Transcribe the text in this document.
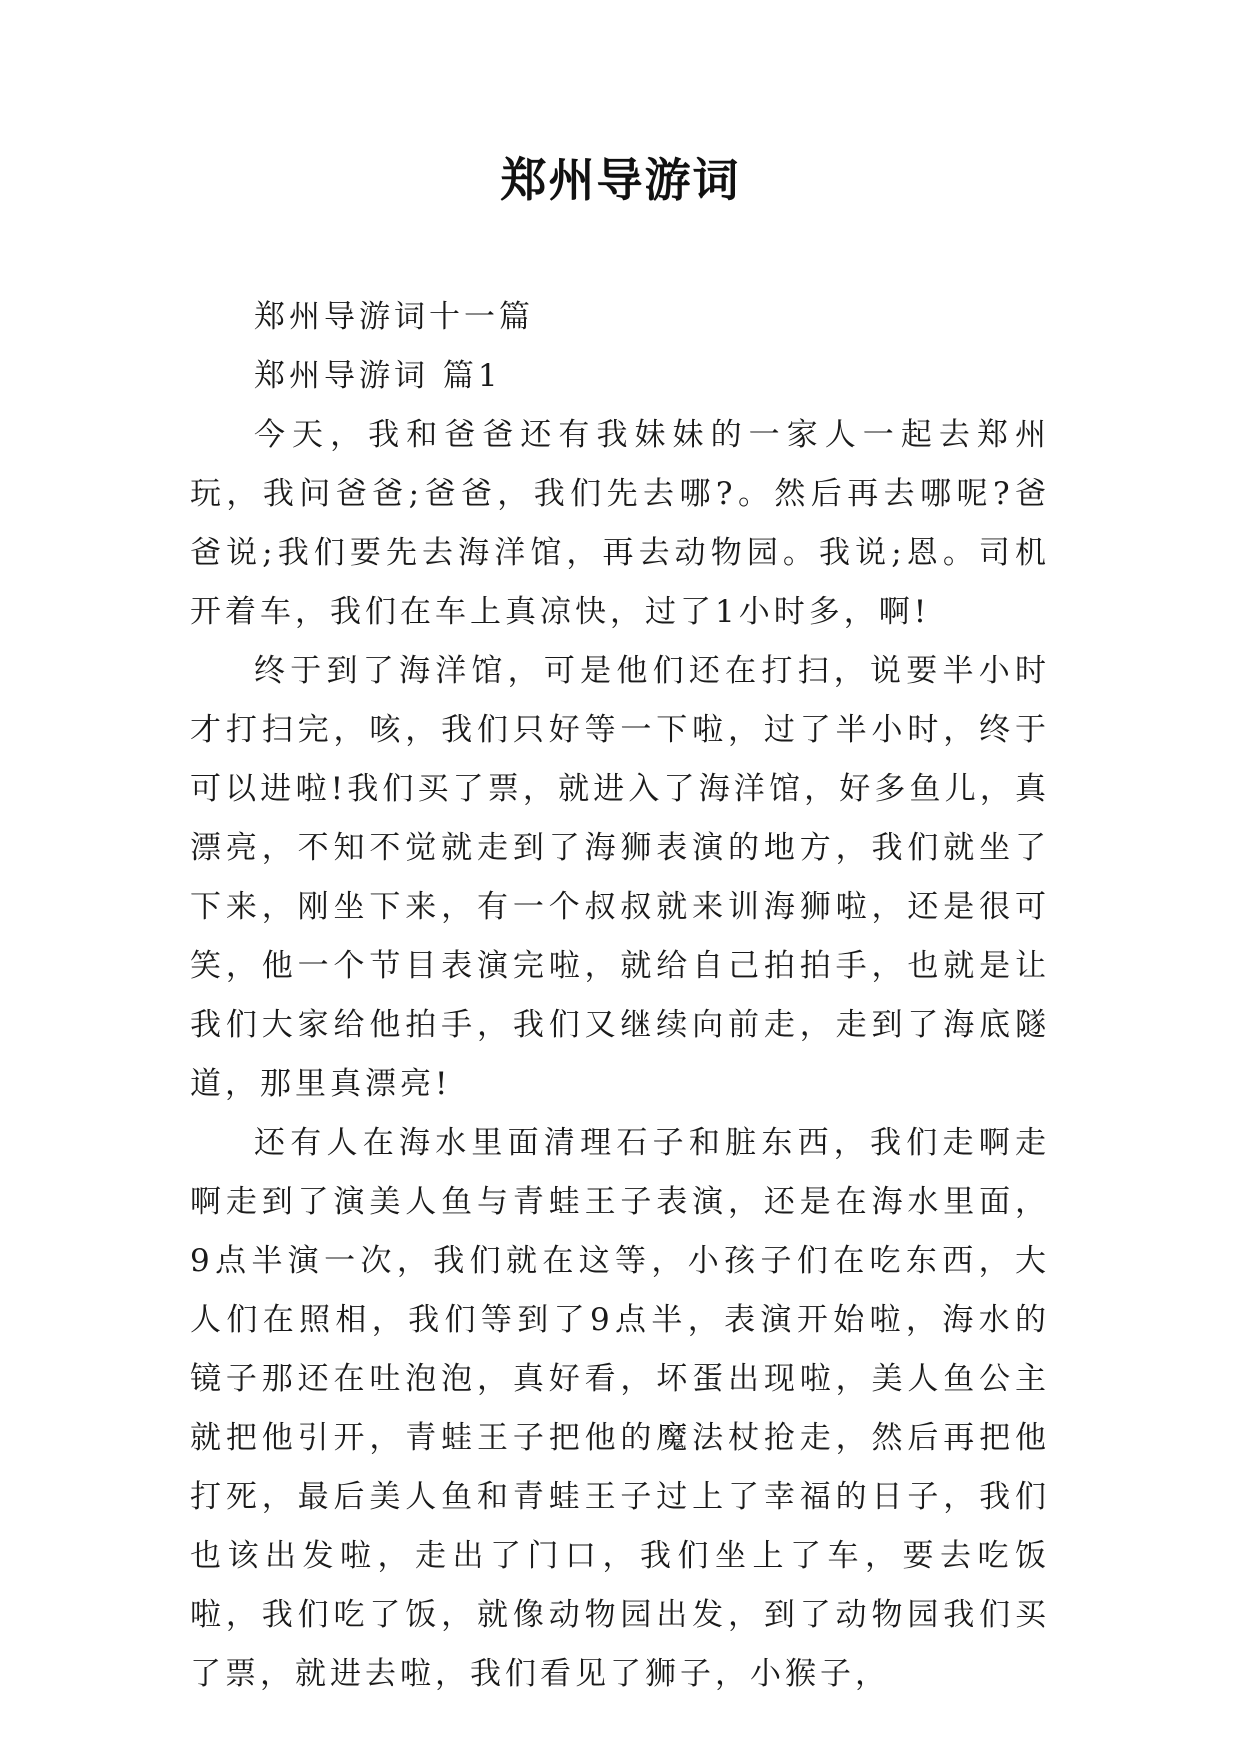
郑州导游词

郑州导游词十一篇

郑州导游词 篇1

今天，我和爸爸还有我妹妹的一家人一起去郑州玩，我问爸爸;爸爸，我们先去哪?。然后再去哪呢?爸爸说;我们要先去海洋馆，再去动物园。我说;恩。司机开着车，我们在车上真凉快，过了1小时多，啊!

终于到了海洋馆，可是他们还在打扫，说要半小时才打扫完，咳，我们只好等一下啦，过了半小时，终于可以进啦!我们买了票，就进入了海洋馆，好多鱼儿，真漂亮，不知不觉就走到了海狮表演的地方，我们就坐了下来，刚坐下来，有一个叔叔就来训海狮啦，还是很可笑，他一个节目表演完啦，就给自己拍拍手，也就是让我们大家给他拍手，我们又继续向前走，走到了海底隧道，那里真漂亮!

还有人在海水里面清理石子和脏东西，我们走啊走啊走到了演美人鱼与青蛙王子表演，还是在海水里面，9点半演一次，我们就在这等，小孩子们在吃东西，大人们在照相，我们等到了9点半，表演开始啦，海水的镜子那还在吐泡泡，真好看，坏蛋出现啦，美人鱼公主就把他引开，青蛙王子把他的魔法杖抢走，然后再把他打死，最后美人鱼和青蛙王子过上了幸福的日子，我们也该出发啦，走出了门口，我们坐上了车，要去吃饭啦，我们吃了饭，就像动物园出发，到了动物园我们买了票，就进去啦，我们看见了狮子，小猴子，
